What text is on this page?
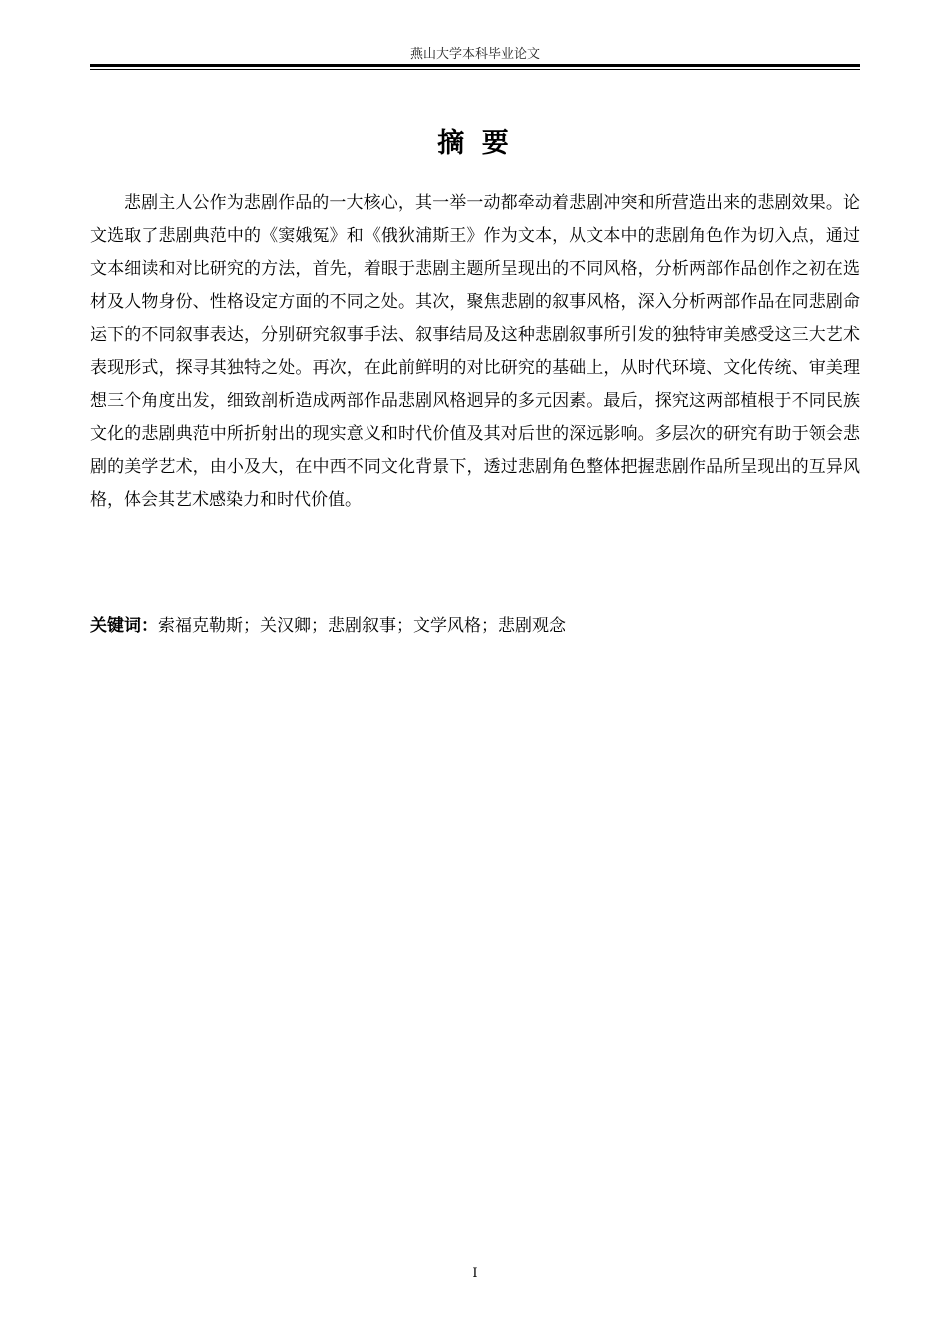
燕山大学本科毕业论文
摘 要

悲剧主人公作为悲剧作品的一大核心，其一举一动都牵动着悲剧冲突和所营造出来的悲剧效果。论文选取了悲剧典范中的《窦娥冤》和《俄狄浦斯王》作为文本，从文本中的悲剧角色作为切入点，通过文本细读和对比研究的方法，首先，着眼于悲剧主题所呈现出的不同风格，分析两部作品创作之初在选材及人物身份、性格设定方面的不同之处。其次，聚焦悲剧的叙事风格，深入分析两部作品在同悲剧命运下的不同叙事表达，分别研究叙事手法、叙事结局及这种悲剧叙事所引发的独特审美感受这三大艺术表现形式，探寻其独特之处。再次，在此前鲜明的对比研究的基础上，从时代环境、文化传统、审美理想三个角度出发，细致剖析造成两部作品悲剧风格迥异的多元因素。最后，探究这两部植根于不同民族文化的悲剧典范中所折射出的现实意义和时代价值及其对后世的深远影响。多层次的研究有助于领会悲剧的美学艺术，由小及大，在中西不同文化背景下，透过悲剧角色整体把握悲剧作品所呈现出的互异风格，体会其艺术感染力和时代价值。

关键词：索福克勒斯；关汉卿；悲剧叙事；文学风格；悲剧观念
I
